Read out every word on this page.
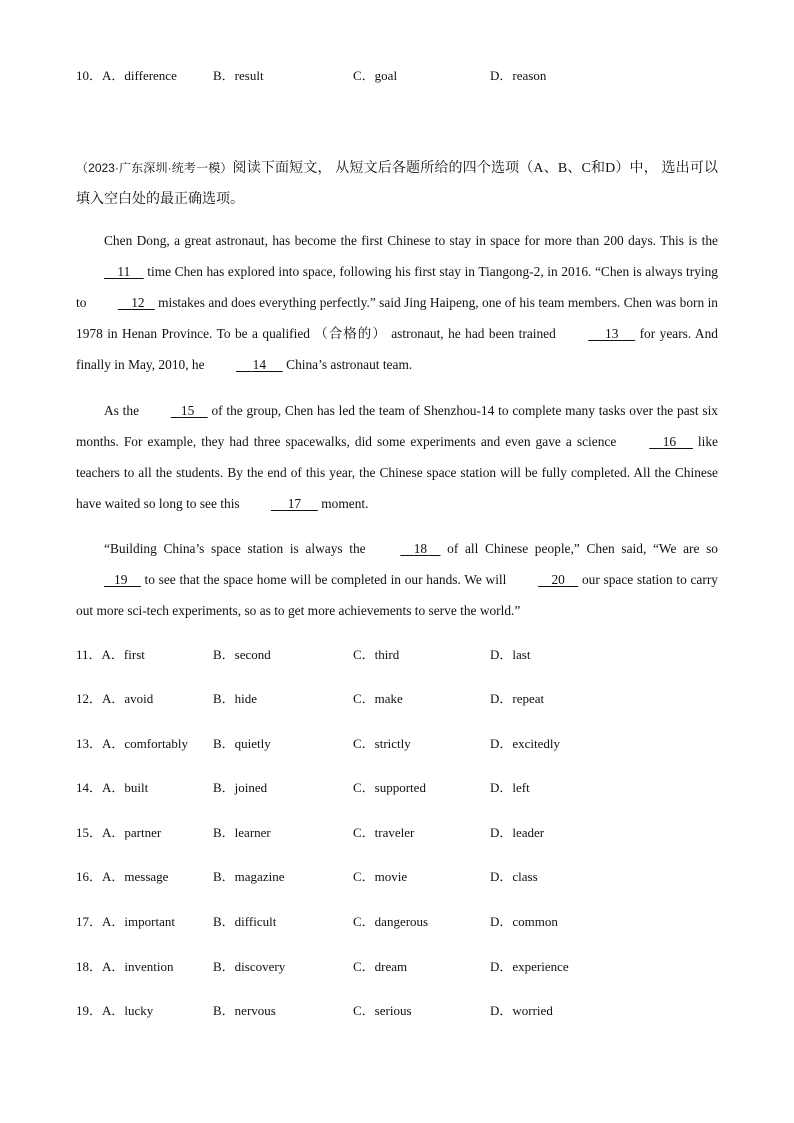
10．A．difference	B．result	C．goal	D．reason
（2023·广东深圳·统考一模）阅读下面短文， 从短文后各题所给的四个选项（A、B、C和D）中， 选出可以填入空白处的最正确选项。
Chen Dong, a great astronaut, has become the first Chinese to stay in space for more than 200 days. This is the     11     time Chen has explored into space, following his first stay in Tiangong-2, in 2016. “Chen is always trying to	12    mistakes and does everything perfectly.” said Jing Haipeng, one of his team members. Chen was born in 1978 in Henan Province. To be a qualified （合格的） astronaut, he had been trained	13      for years. And finally in May, 2010, he	14      China’s astronaut team.
As the	15     of the group, Chen has led the team of Shenzhou-14 to complete many tasks over the past six months. For example, they had three spacewalks, did some experiments and even gave a science	16      like teachers to all the students. By the end of this year, the Chinese space station will be fully completed. All the Chinese have waited so long to see this	17      moment.
“Building China’s space station is always the	18     of all Chinese people,” Chen said, “We are so    19     to see that the space home will be completed in our hands. We will	20     our space station to carry out more sci-tech experiments, so as to get more achievements to serve the world.”
11．A．first	B．second	C．third	D．last
12．A．avoid	B．hide	C．make	D．repeat
13．A．comfortably B．quietly	C．strictly	D．excitedly
14．A．built	B．joined	C．supported	D．left
15．A．partner	B．learner	C．traveler	D．leader
16．A．message	B．magazine	C．movie	D．class
17．A．important	B．difficult	C．dangerous	D．common
18．A．invention	B．discovery	C．dream	D．experience
19．A．lucky	B．nervous	C．serious	D．worried
